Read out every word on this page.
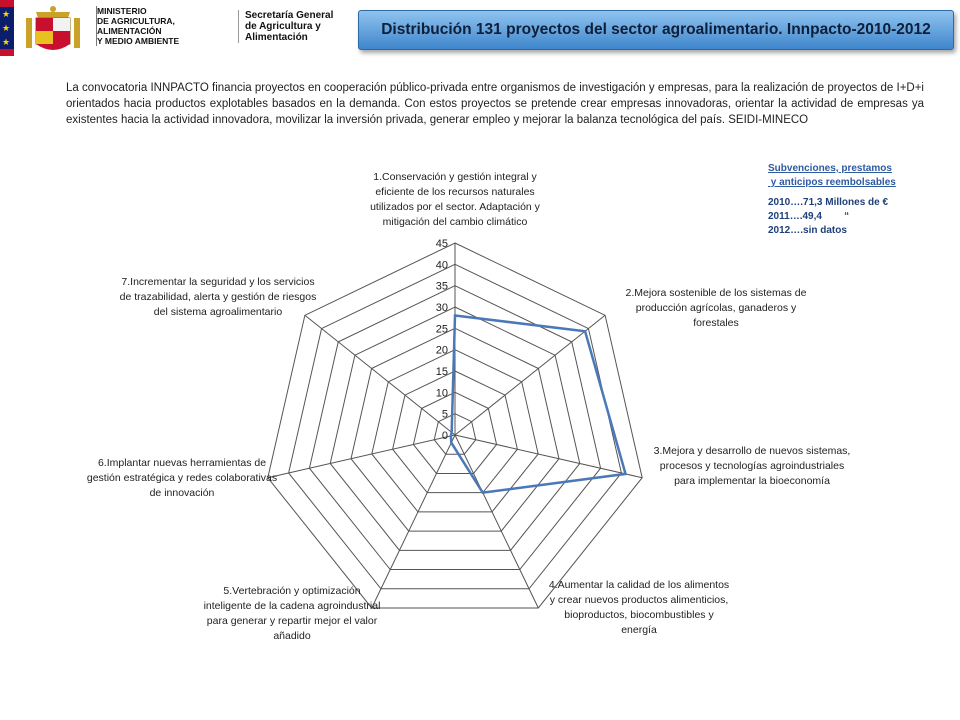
★
★
★
MINISTERIO
DE AGRICULTURA, ALIMENTACIÓN
Y MEDIO AMBIENTE
Secretaría General
de Agricultura y
Alimentación	Distribución 131 proyectos del sector agroalimentario. Innpacto-2010-2012
La convocatoria INNPACTO financia proyectos en cooperación público-privada entre organismos de investigación y empresas, para la realización de proyectos de I+D+i orientados hacia productos explotables basados en la demanda. Con estos proyectos se pretende crear empresas innovadoras, orientar la actividad de empresas ya existentes hacia la actividad innovadora, movilizar la inversión privada, generar empleo y mejorar la balanza tecnológica del país. SEIDI-MINECO
0
5
10
15
20
25
30
35
40
45
1.Conservación y gestión integral y eficiente de los recursos naturales utilizados por el sector. Adaptación y mitigación del cambio climático
2.Mejora sostenible de los sistemas de producción agrícolas, ganaderos y forestales
3.Mejora y desarrollo de nuevos sistemas, procesos y tecnologías agroindustriales para implementar la bioeconomía
4.Aumentar la calidad de los alimentos y crear nuevos productos alimenticios, bioproductos, biocombustibles y energía
5.Vertebración y optimización inteligente de la cadena agroindustrial para generar y repartir mejor el valor añadido
6.Implantar nuevas herramientas de gestión estratégica y redes colaborativas de innovación
7.Incrementar la seguridad y los servicios de trazabilidad, alerta y gestión de riesgos del sistema agroalimentario
Subvenciones, prestamos
y anticipos reembolsables
2010….71,3 Millones de €
2011….49,4        “
2012….sin datos
